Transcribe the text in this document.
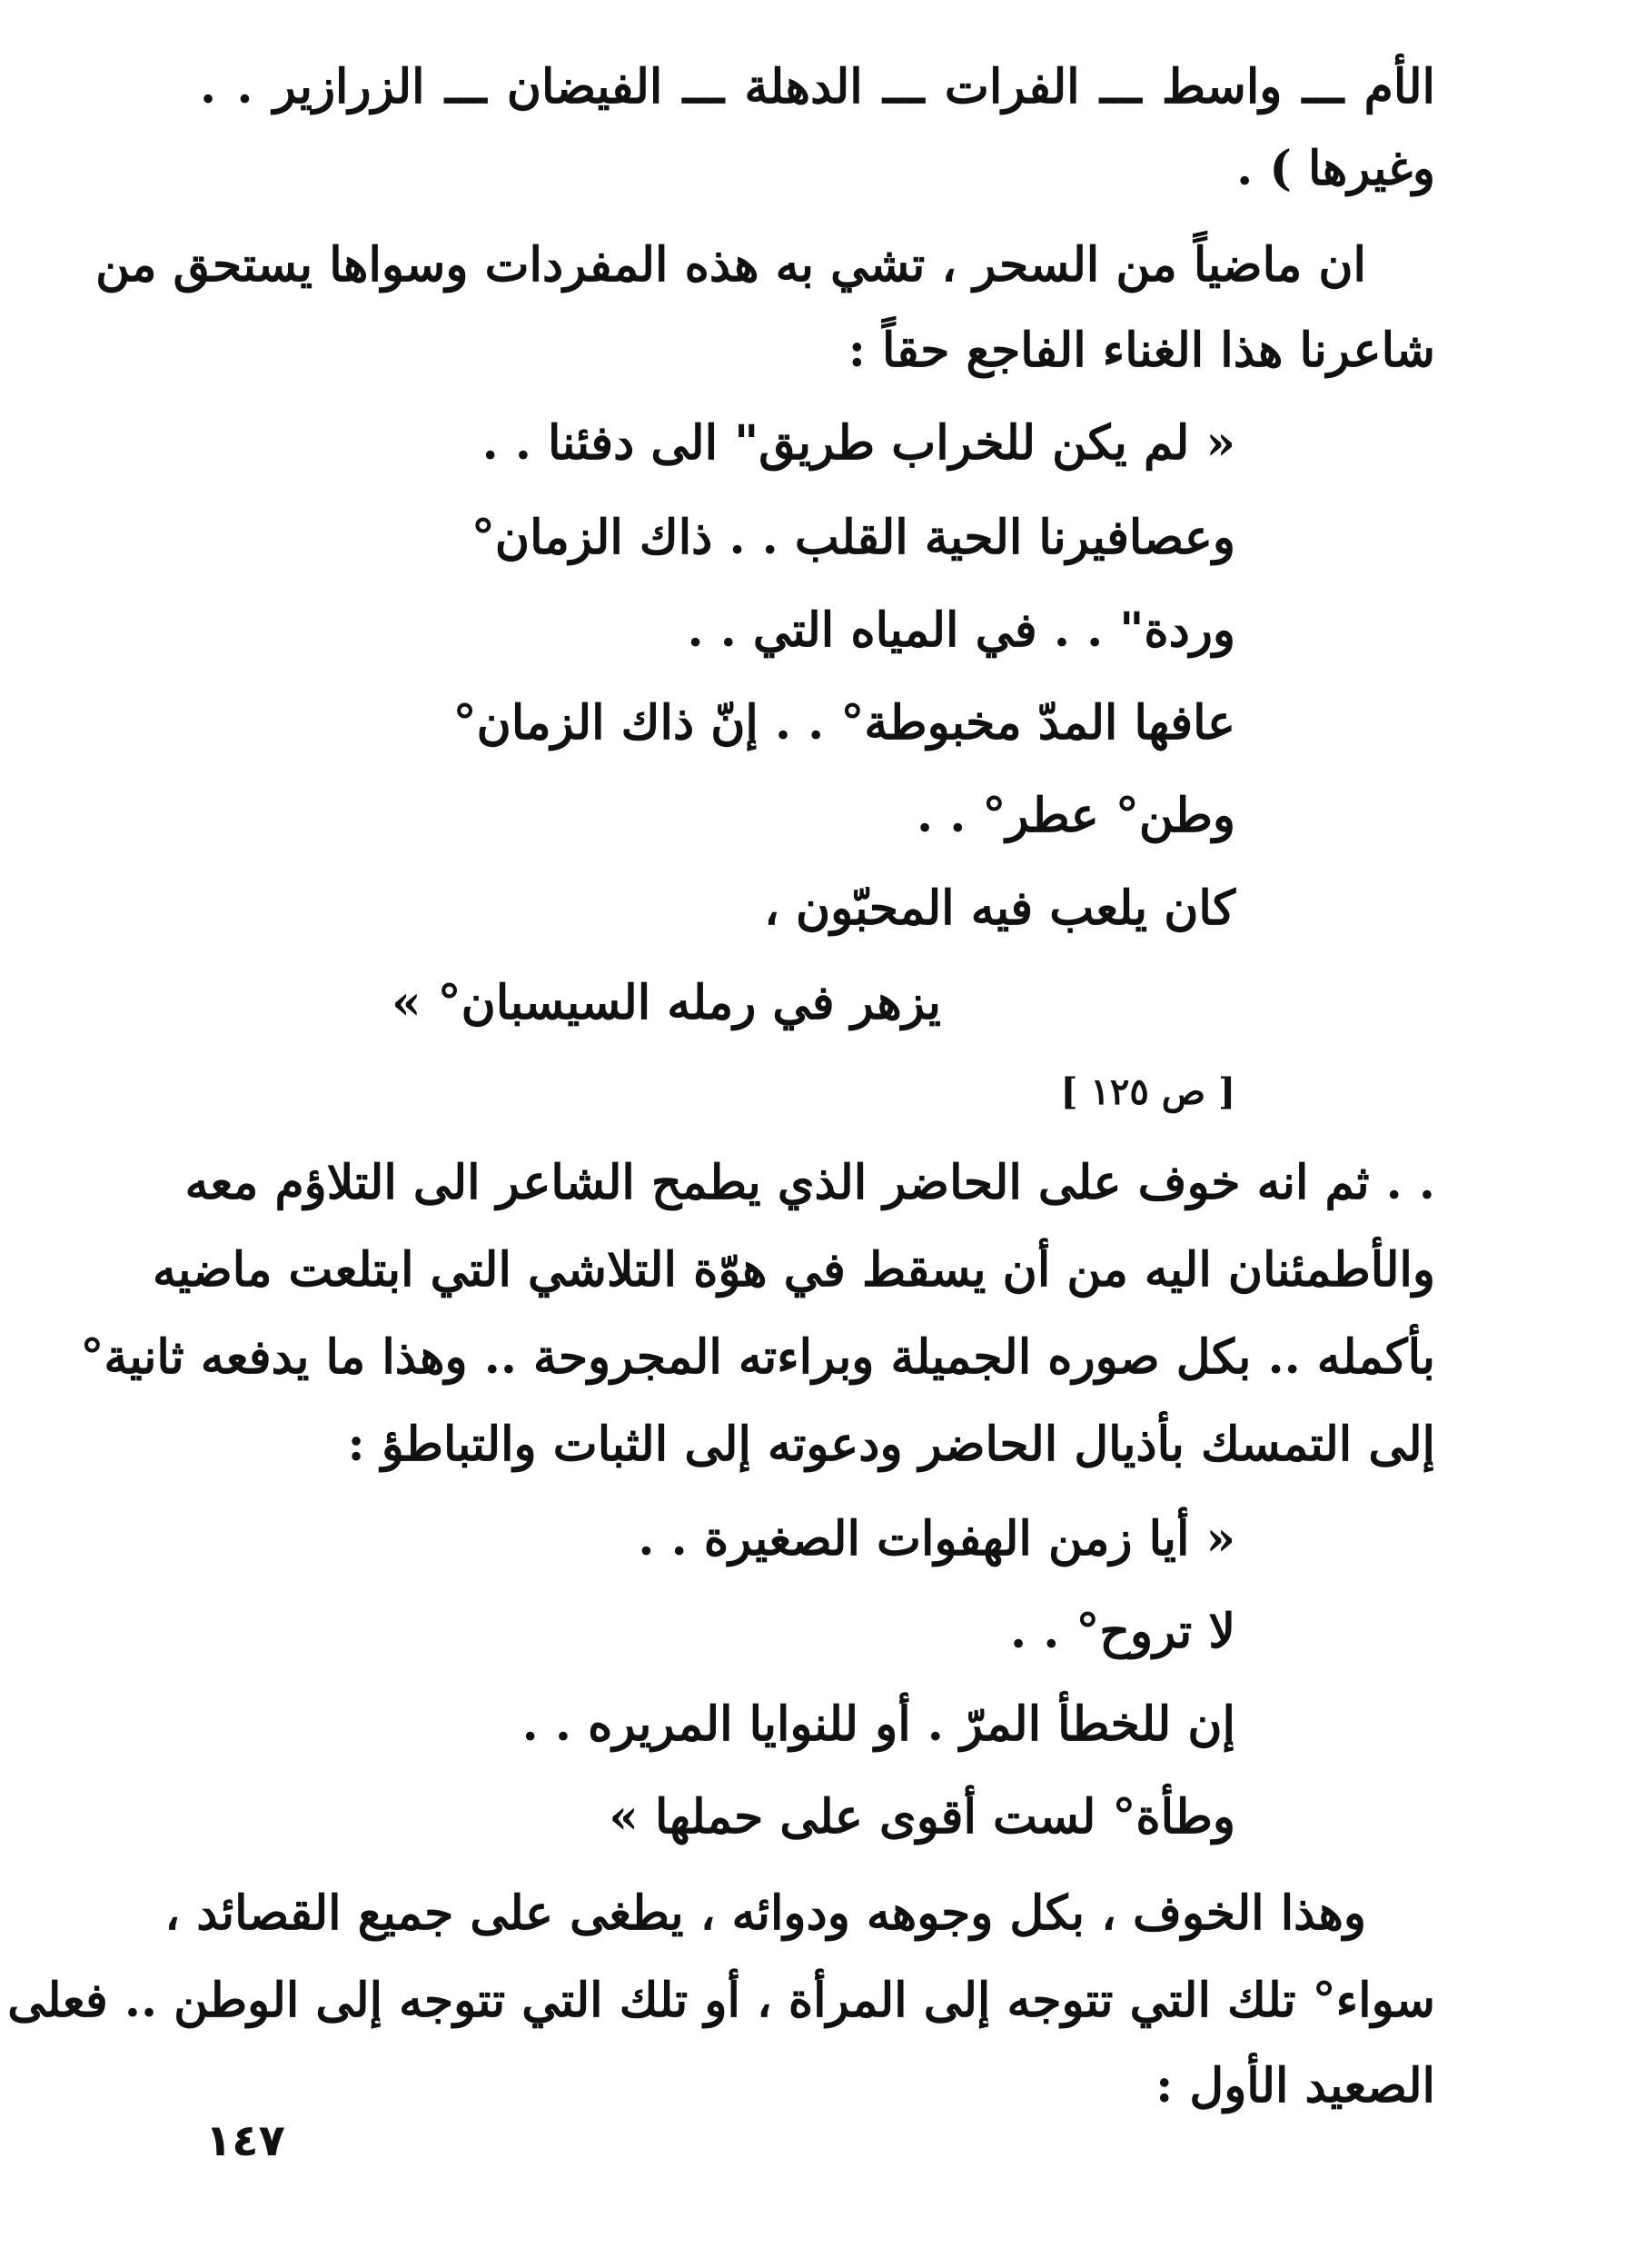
الأم ـــ واسط ـــ الفرات ـــ الدهلة ـــ الفيضان ـــ الزرازير . .
وغيرها ) .
ان ماضياً من السحر ، تشي به هذه المفردات وسواها يستحق من
شاعرنا هذا الغناء الفاجع حقاً :
« لم يكن للخراب طريق" الى دفئنا . .
وعصافيرنا الحية القلب . . ذاك الزمان°
وردة" . . في المياه التي . .
عافها المدّ مخبوطة° . . إنّ ذاك الزمان°
وطن° عطر° . .
كان يلعب فيه المحبّون ،
يزهر في رمله السيسبان° »
[ ص ١٢٥ ]
. . ثم انه خوف على الحاضر الذي يطمح الشاعر الى التلاؤم معه
والأطمئنان اليه من أن يسقط في هوّة التلاشي التي ابتلعت ماضيه
بأكمله .. بكل صوره الجميلة وبراءته المجروحة .. وهذا ما يدفعه ثانية°
إلى التمسك بأذيال الحاضر ودعوته إلى الثبات والتباطؤ :
« أيا زمن الهفوات الصغيرة . .
لا تروح° . .
إن للخطأ المرّ . أو للنوايا المريره . .
وطأة° لست أقوى على حملها »
وهذا الخوف ، بكل وجوهه ودوائه ، يطغى على جميع القصائد ،
سواء° تلك التي تتوجه إلى المرأة ، أو تلك التي تتوجه إلى الوطن .. فعلى
الصعيد الأول :
١٤٧
